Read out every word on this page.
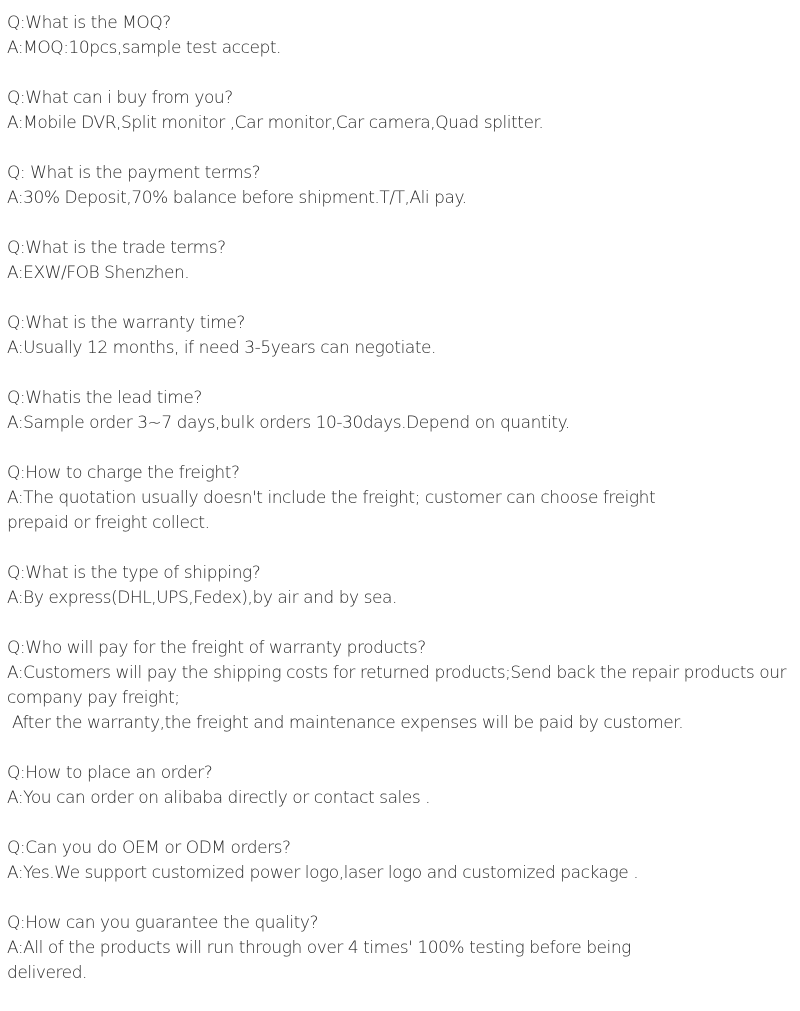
Q:What is the MOQ?
A:MOQ:10pcs,sample test accept.
Q:What can i buy from you?
A:Mobile DVR,Split monitor ,Car monitor,Car camera,Quad splitter.
Q: What is the payment terms?
A:30% Deposit,70% balance before shipment.T/T,Ali pay.
Q:What is the trade terms?
A:EXW/FOB Shenzhen.
Q:What is the warranty time?
A:Usually 12 months, if need 3-5years can negotiate.
Q:Whatis the lead time?
A:Sample order 3~7 days,bulk orders 10-30days.Depend on quantity.
Q:How to charge the freight?
A:The quotation usually doesn't include the freight; customer can choose freight
prepaid or freight collect.
Q:What is the type of shipping?
A:By express(DHL,UPS,Fedex),by air and by sea.
Q:Who will pay for the freight of warranty products?
A:Customers will pay the shipping costs for returned products;Send back the repair products our
company pay freight;
After the warranty,the freight and maintenance expenses will be paid by customer.
Q:How to place an order?
A:You can order on alibaba directly or contact sales .
Q:Can you do OEM or ODM orders?
A:Yes.We support customized power logo,laser logo and customized package .
Q:How can you guarantee the quality?
A:All of the products will run through over 4 times' 100% testing before being
delivered.
